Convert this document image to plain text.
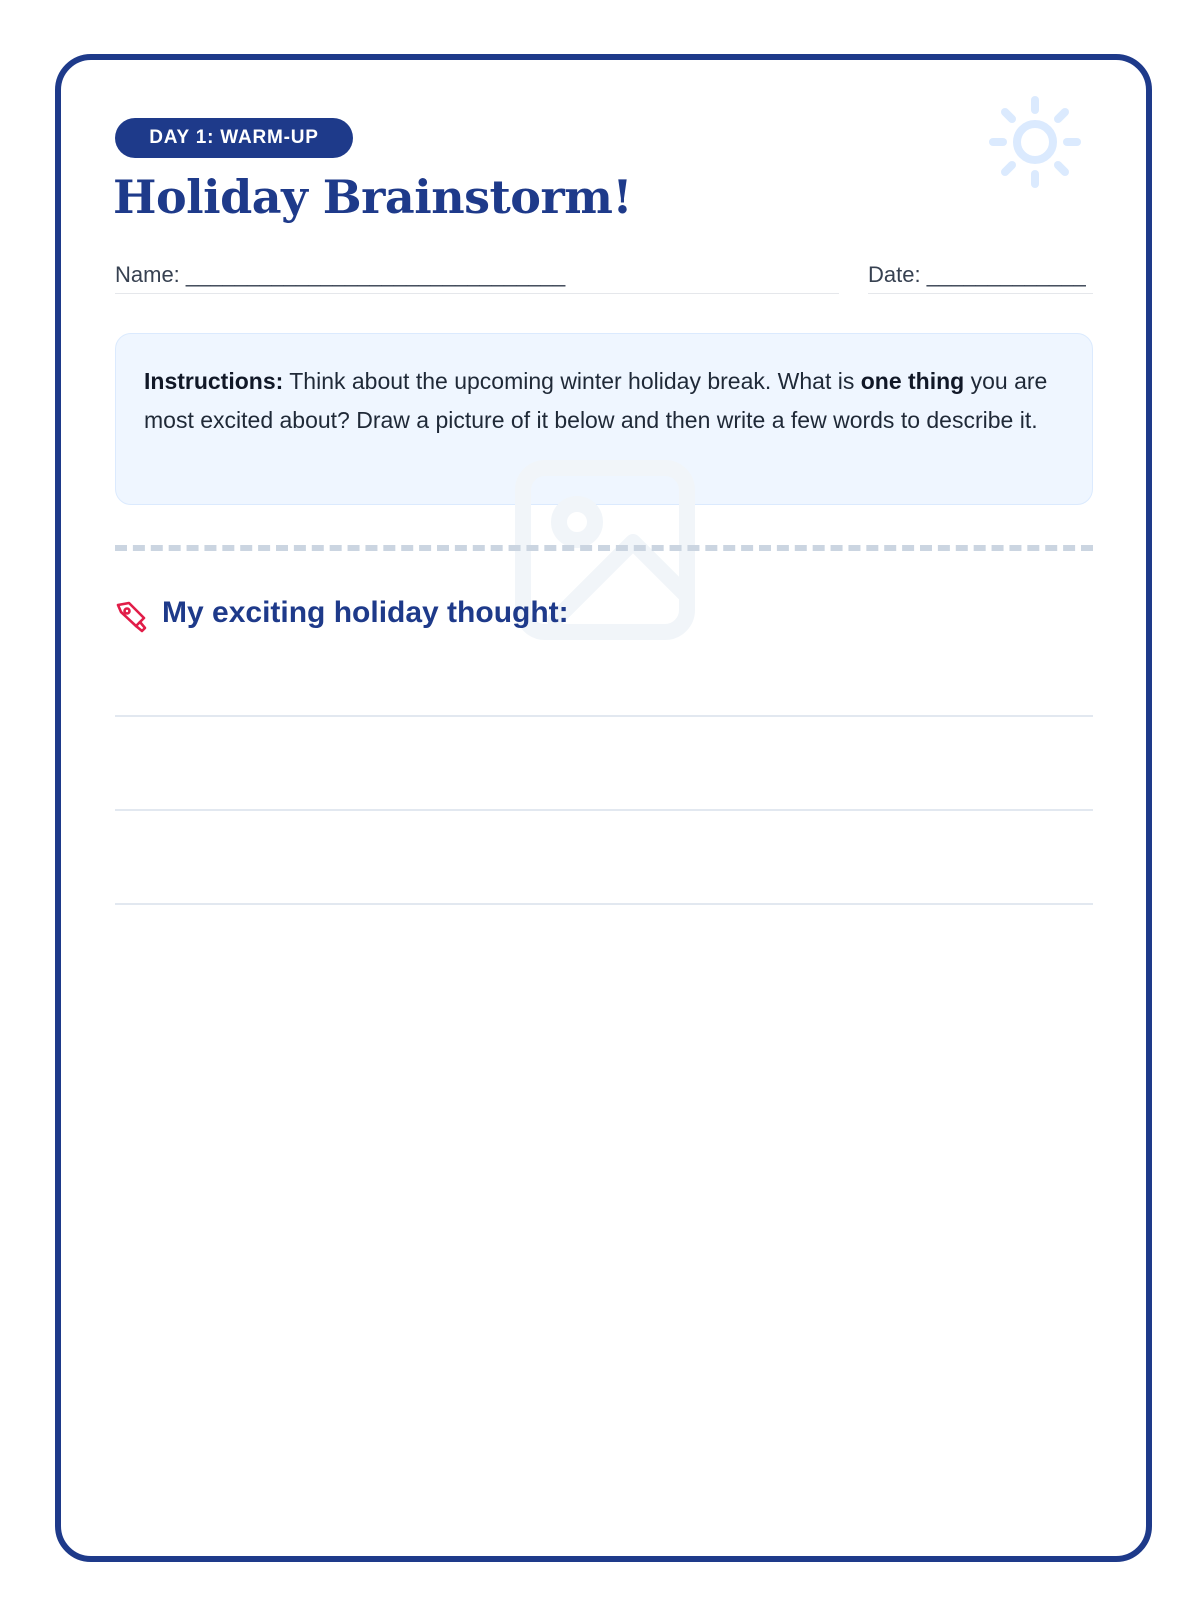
DAY 1: WARM-UP
Holiday Brainstorm!
Name: _______________________________	Date: _____________
Instructions: Think about the upcoming winter holiday break. What is one thing you are most excited about? Draw a picture of it below and then write a few words to describe it.
My exciting holiday thought:
